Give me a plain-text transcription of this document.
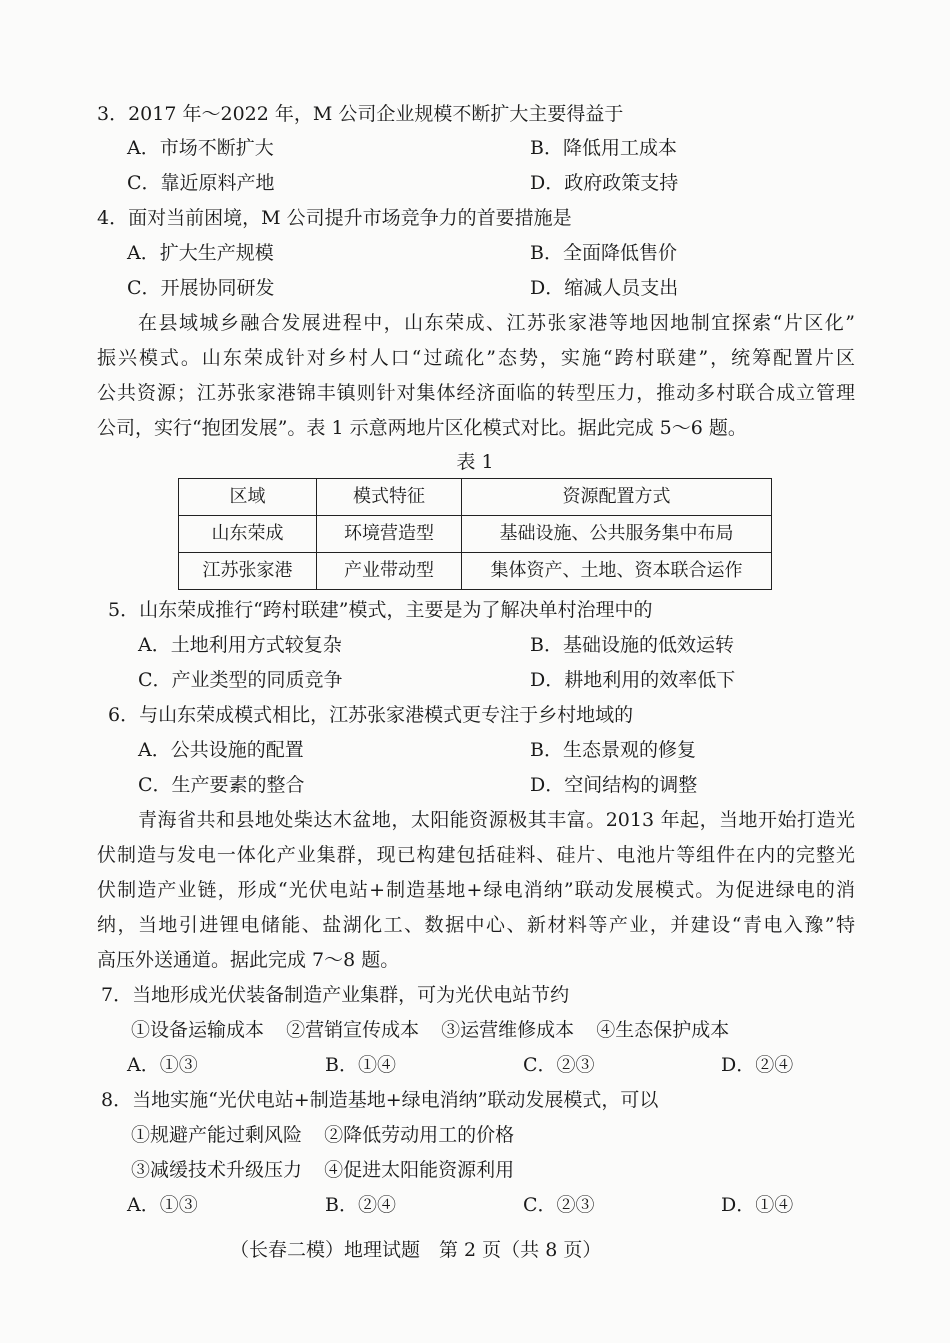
3．2017 年～2022 年，M 公司企业规模不断扩大主要得益于
A．市场不断扩大	B．降低用工成本
C．靠近原料产地	D．政府政策支持
4．面对当前困境，M 公司提升市场竞争力的首要措施是
A．扩大生产规模	B．全面降低售价
C．开展协同研发	D．缩减人员支出
在县域城乡融合发展进程中，山东荣成、江苏张家港等地因地制宜探索“片区化”
振兴模式。山东荣成针对乡村人口“过疏化”态势，实施“跨村联建”，统筹配置片区
公共资源；江苏张家港锦丰镇则针对集体经济面临的转型压力，推动多村联合成立管理
公司，实行“抱团发展”。表 1 示意两地片区化模式对比。据此完成 5～6 题。
表 1
区域	模式特征	资源配置方式
山东荣成	环境营造型	基础设施、公共服务集中布局
江苏张家港	产业带动型	集体资产、土地、资本联合运作
5．山东荣成推行“跨村联建”模式，主要是为了解决单村治理中的
A．土地利用方式较复杂	B．基础设施的低效运转
C．产业类型的同质竞争	D．耕地利用的效率低下
6．与山东荣成模式相比，江苏张家港模式更专注于乡村地域的
A．公共设施的配置	B．生态景观的修复
C．生产要素的整合	D．空间结构的调整
青海省共和县地处柴达木盆地，太阳能资源极其丰富。2013 年起，当地开始打造光
伏制造与发电一体化产业集群，现已构建包括硅料、硅片、电池片等组件在内的完整光
伏制造产业链，形成“光伏电站+制造基地+绿电消纳”联动发展模式。为促进绿电的消
纳，当地引进锂电储能、盐湖化工、数据中心、新材料等产业，并建设“青电入豫”特
高压外送通道。据此完成 7～8 题。
7．当地形成光伏装备制造产业集群，可为光伏电站节约
①设备运输成本 ②营销宣传成本 ③运营维修成本 ④生态保护成本
A．①③	B．①④	C．②③	D．②④
8．当地实施“光伏电站+制造基地+绿电消纳”联动发展模式，可以
①规避产能过剩风险 ②降低劳动用工的价格
③减缓技术升级压力 ④促进太阳能资源利用
A．①③	B．②④	C．②③	D．①④
（长春二模）地理试题　第 2 页（共 8 页）
